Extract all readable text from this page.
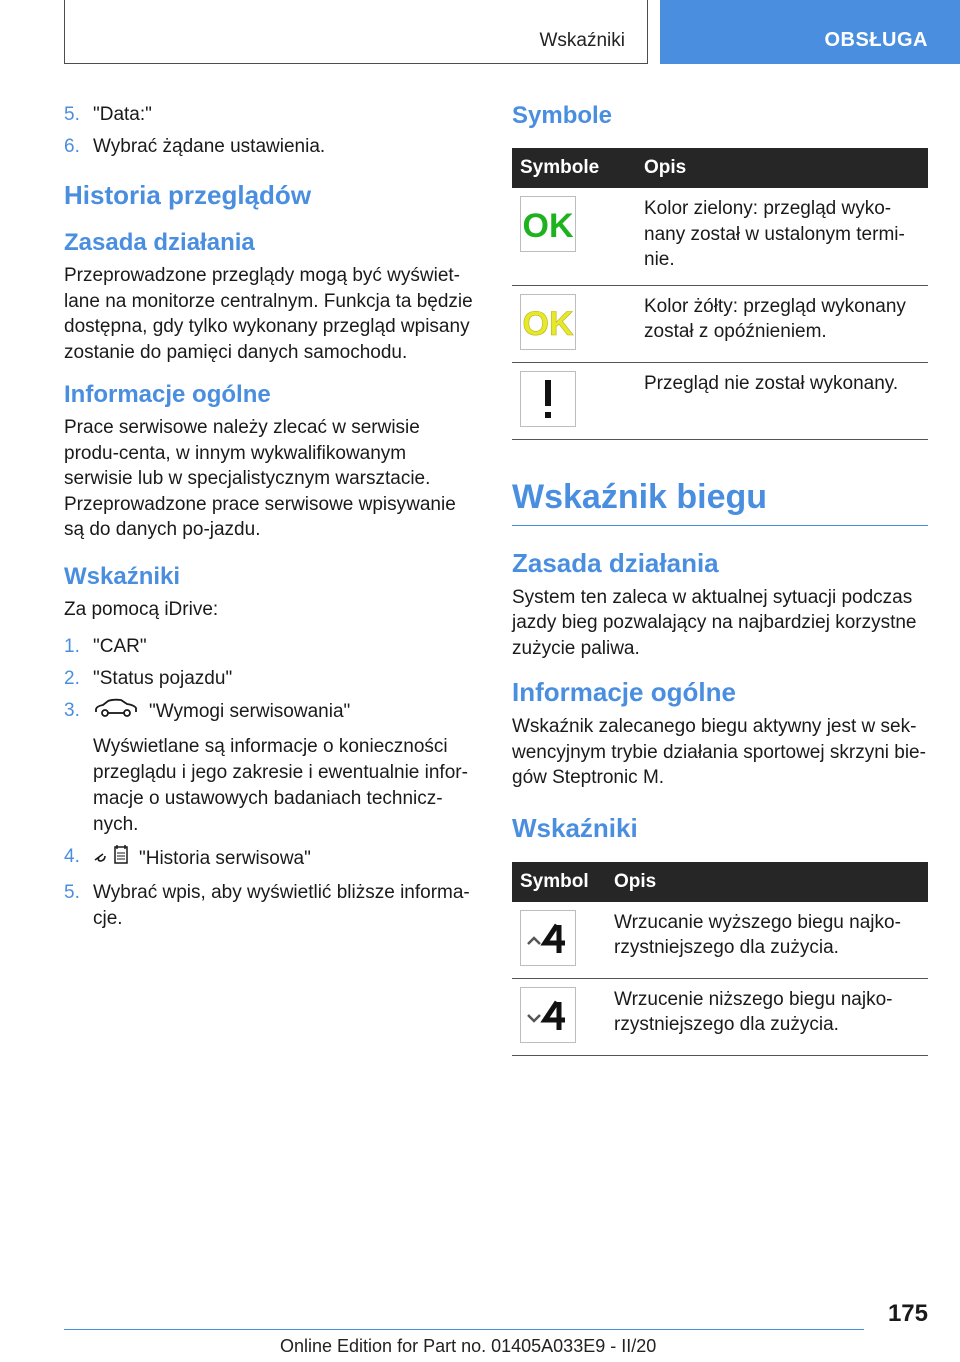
Wskaźniki	OBSŁUGA
5. "Data:"
6. Wybrać żądane ustawienia.
Historia przeglądów
Zasada działania

Przeprowadzone przeglądy mogą być wyświet-lane na monitorze centralnym. Funkcja ta będzie dostępna, gdy tylko wykonany przegląd wpisany zostanie do pamięci danych samochodu.

Informacje ogólne

Prace serwisowe należy zlecać w serwisie produ-centa, w innym wykwalifikowanym serwisie lub w specjalistycznym warsztacie. Przeprowadzone prace serwisowe wpisywanie są do danych po-jazdu.

Wskaźniki

Za pomocą iDrive:

1. "CAR"
2. "Status pojazdu"
3.	"Wymogi serwisowania"
Wyświetlane są informacje o konieczności przeglądu i jego zakresie i ewentualnie infor-macje o ustawowych badaniach technicz-nych.
4.	"Historia serwisowa"
5. Wybrać wpis, aby wyświetlić bliższe informa-cje.
Symbole
Symbole	Opis

OK	Kolor zielony: przegląd wyko-nany został w ustalonym termi-nie.

OK	Kolor żółty: przegląd wykonany został z opóźnieniem.

	Przegląd nie został wykonany.
Wskaźnik biegu
Zasada działania

System ten zaleca w aktualnej sytuacji podczas jazdy bieg pozwalający na najbardziej korzystne zużycie paliwa.

Informacje ogólne

Wskaźnik zalecanego biegu aktywny jest w sek-wencyjnym trybie działania sportowej skrzyni bie-gów Steptronic M.

Wskaźniki
Symbol	Opis

	Wrzucanie wyższego biegu najko-rzystniejszego dla zużycia.

	Wrzucenie niższego biegu najko-rzystniejszego dla zużycia.
175
Online Edition for Part no. 01405A033E9 - II/20
